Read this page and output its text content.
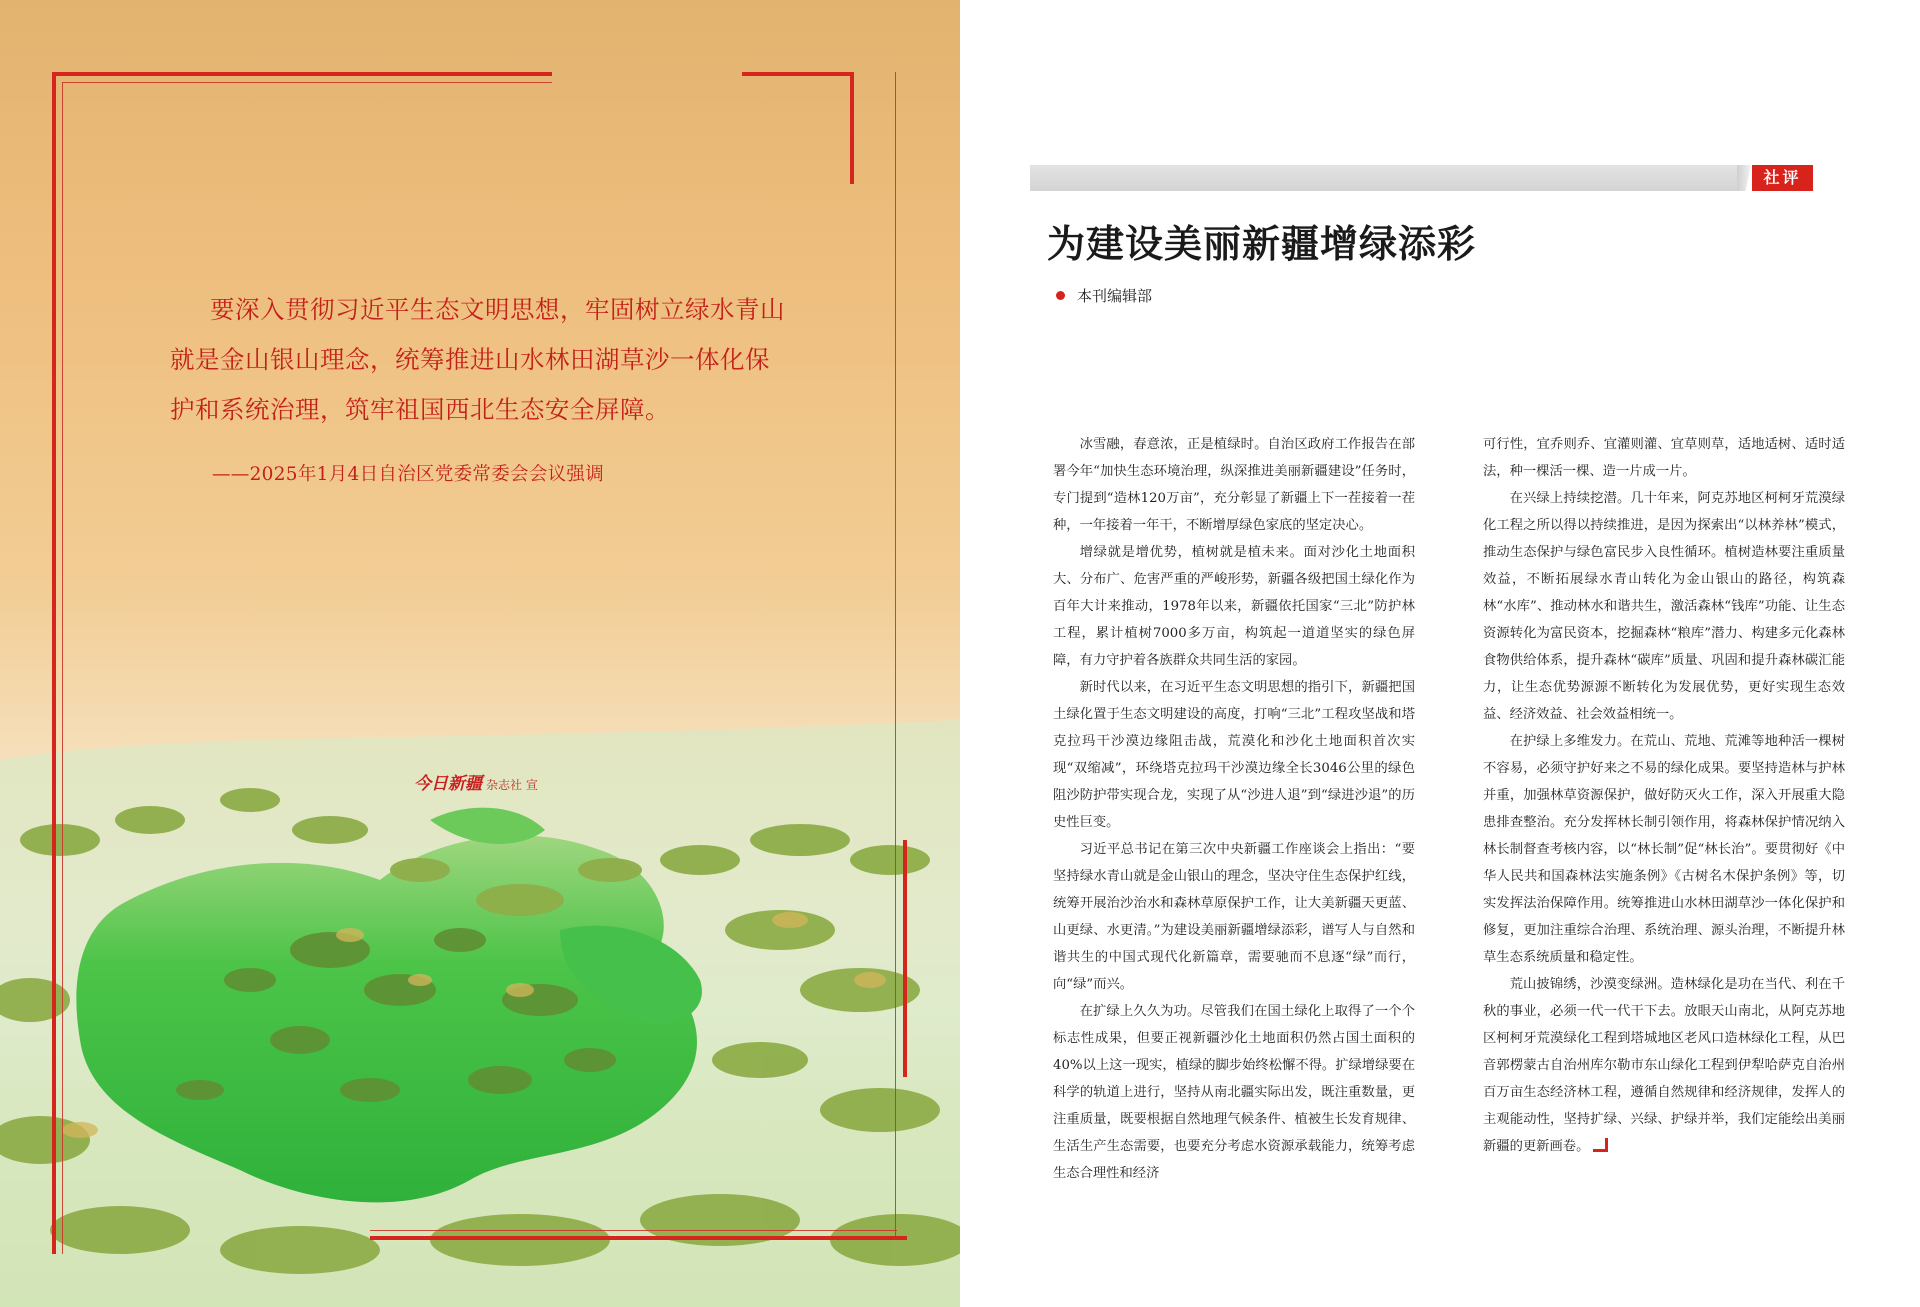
要深入贯彻习近平生态文明思想，牢固树立绿水青山就是金山银山理念，统筹推进山水林田湖草沙一体化保护和系统治理，筑牢祖国西北生态安全屏障。

——2025年1月4日自治区党委常委会会议强调

今日新疆 杂志社 宣
社评
为建设美丽新疆增绿添彩
本刊编辑部

冰雪融，春意浓，正是植绿时。自治区政府工作报告在部署今年“加快生态环境治理，纵深推进美丽新疆建设”任务时，专门提到“造林120万亩”，充分彰显了新疆上下一茬接着一茬种，一年接着一年干，不断增厚绿色家底的坚定决心。

增绿就是增优势，植树就是植未来。面对沙化土地面积大、分布广、危害严重的严峻形势，新疆各级把国土绿化作为百年大计来推动，1978年以来，新疆依托国家“三北”防护林工程，累计植树7000多万亩，构筑起一道道坚实的绿色屏障，有力守护着各族群众共同生活的家园。

新时代以来，在习近平生态文明思想的指引下，新疆把国土绿化置于生态文明建设的高度，打响“三北”工程攻坚战和塔克拉玛干沙漠边缘阻击战，荒漠化和沙化土地面积首次实现“双缩减”，环绕塔克拉玛干沙漠边缘全长3046公里的绿色阻沙防护带实现合龙，实现了从“沙进人退”到“绿进沙退”的历史性巨变。

习近平总书记在第三次中央新疆工作座谈会上指出：“要坚持绿水青山就是金山银山的理念，坚决守住生态保护红线，统筹开展治沙治水和森林草原保护工作，让大美新疆天更蓝、山更绿、水更清。”为建设美丽新疆增绿添彩，谱写人与自然和谐共生的中国式现代化新篇章，需要驰而不息逐“绿”而行，向“绿”而兴。

在扩绿上久久为功。尽管我们在国土绿化上取得了一个个标志性成果，但要正视新疆沙化土地面积仍然占国土面积的40%以上这一现实，植绿的脚步始终松懈不得。扩绿增绿要在科学的轨道上进行，坚持从南北疆实际出发，既注重数量，更注重质量，既要根据自然地理气候条件、植被生长发育规律、生活生产生态需要，也要充分考虑水资源承载能力，统筹考虑生态合理性和经济

可行性，宜乔则乔、宜灌则灌、宜草则草，适地适树、适时适法，种一棵活一棵、造一片成一片。

在兴绿上持续挖潜。几十年来，阿克苏地区柯柯牙荒漠绿化工程之所以得以持续推进，是因为探索出“以林养林”模式，推动生态保护与绿色富民步入良性循环。植树造林要注重质量效益，不断拓展绿水青山转化为金山银山的路径，构筑森林“水库”、推动林水和谐共生，激活森林“钱库”功能、让生态资源转化为富民资本，挖掘森林“粮库”潜力、构建多元化森林食物供给体系，提升森林“碳库”质量、巩固和提升森林碳汇能力，让生态优势源源不断转化为发展优势，更好实现生态效益、经济效益、社会效益相统一。

在护绿上多维发力。在荒山、荒地、荒滩等地种活一棵树不容易，必须守护好来之不易的绿化成果。要坚持造林与护林并重，加强林草资源保护，做好防灭火工作，深入开展重大隐患排查整治。充分发挥林长制引领作用，将森林保护情况纳入林长制督查考核内容，以“林长制”促“林长治”。要贯彻好《中华人民共和国森林法实施条例》《古树名木保护条例》等，切实发挥法治保障作用。统筹推进山水林田湖草沙一体化保护和修复，更加注重综合治理、系统治理、源头治理，不断提升林草生态系统质量和稳定性。

荒山披锦绣，沙漠变绿洲。造林绿化是功在当代、利在千秋的事业，必须一代一代干下去。放眼天山南北，从阿克苏地区柯柯牙荒漠绿化工程到塔城地区老风口造林绿化工程，从巴音郭楞蒙古自治州库尔勒市东山绿化工程到伊犁哈萨克自治州百万亩生态经济林工程，遵循自然规律和经济规律，发挥人的主观能动性，坚持扩绿、兴绿、护绿并举，我们定能绘出美丽新疆的更新画卷。
